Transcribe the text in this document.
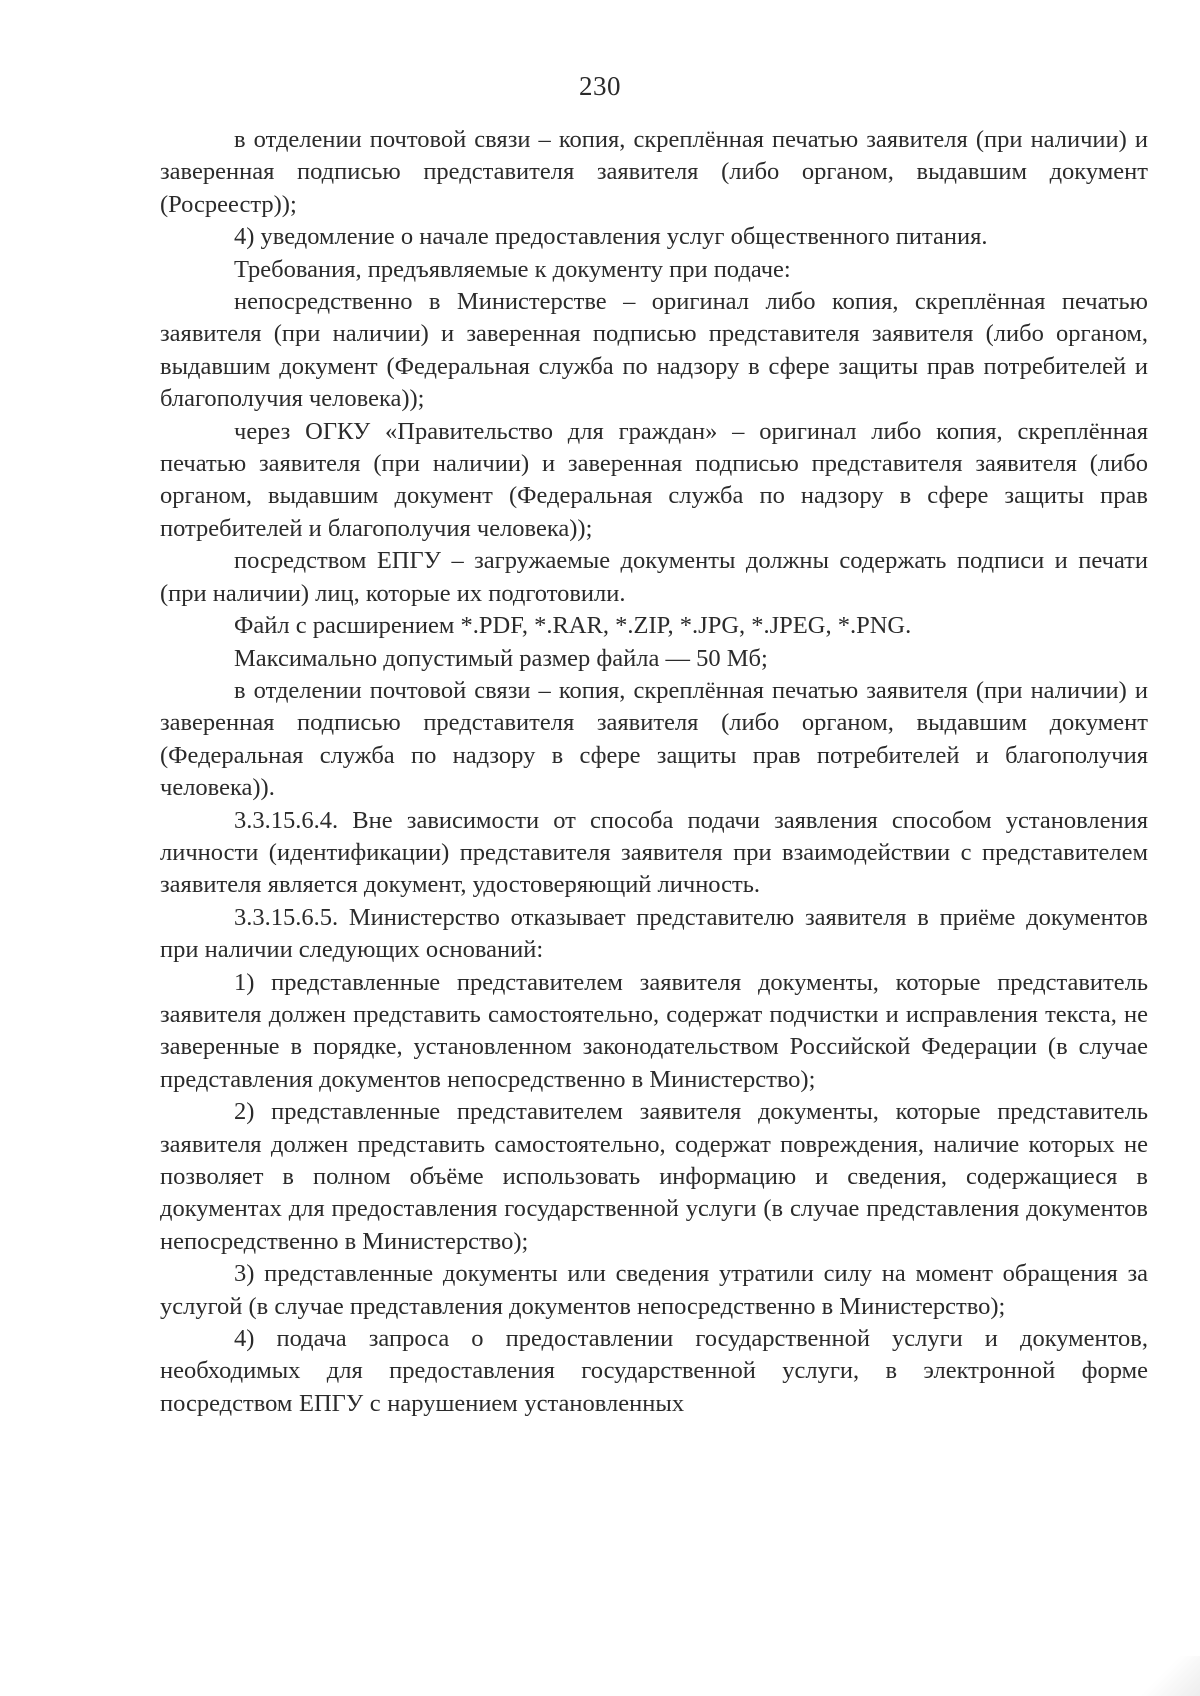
230

в отделении почтовой связи – копия, скреплённая печатью заявителя (при наличии) и заверенная подписью представителя заявителя (либо органом, выдавшим документ (Росреестр));

4) уведомление о начале предоставления услуг общественного питания.

Требования, предъявляемые к документу при подаче:

непосредственно в Министерстве – оригинал либо копия, скреплённая печатью заявителя (при наличии) и заверенная подписью представителя заявителя (либо органом, выдавшим документ (Федеральная служба по надзору в сфере защиты прав потребителей и благополучия человека));

через ОГКУ «Правительство для граждан» – оригинал либо копия, скреплённая печатью заявителя (при наличии) и заверенная подписью представителя заявителя (либо органом, выдавшим документ (Федеральная служба по надзору в сфере защиты прав потребителей и благополучия человека));

посредством ЕПГУ – загружаемые документы должны содержать подписи и печати (при наличии) лиц, которые их подготовили.

Файл с расширением *.PDF, *.RAR, *.ZIP, *.JPG, *.JPEG, *.PNG.

Максимально допустимый размер файла — 50 Мб;

в отделении почтовой связи – копия, скреплённая печатью заявителя (при наличии) и заверенная подписью представителя заявителя (либо органом, выдавшим документ (Федеральная служба по надзору в сфере защиты прав потребителей и благополучия человека)).

3.3.15.6.4. Вне зависимости от способа подачи заявления способом установления личности (идентификации) представителя заявителя при взаимодействии с представителем заявителя является документ, удостоверяющий личность.

3.3.15.6.5. Министерство отказывает представителю заявителя в приёме документов при наличии следующих оснований:

1) представленные представителем заявителя документы, которые представитель заявителя должен представить самостоятельно, содержат подчистки и исправления текста, не заверенные в порядке, установленном законодательством Российской Федерации (в случае представления документов непосредственно в Министерство);

2) представленные представителем заявителя документы, которые представитель заявителя должен представить самостоятельно, содержат повреждения, наличие которых не позволяет в полном объёме использовать информацию и сведения, содержащиеся в документах для предоставления государственной услуги (в случае представления документов непосредственно в Министерство);

3) представленные документы или сведения утратили силу на момент обращения за услугой (в случае представления документов непосредственно в Министерство);

4) подача запроса о предоставлении государственной услуги и документов, необходимых для предоставления государственной услуги, в электронной форме посредством ЕПГУ с нарушением установленных
